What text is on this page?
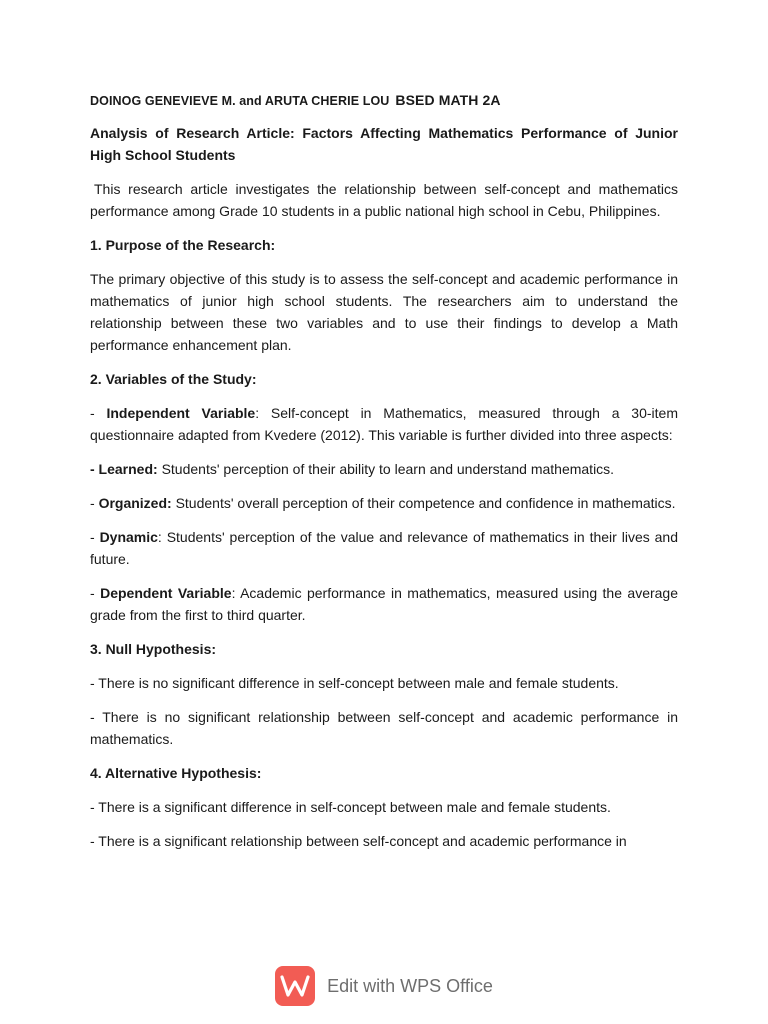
DOINOG GENEVIEVE M. and ARUTA CHERIE LOU BSED MATH 2A
Analysis of Research Article: Factors Affecting Mathematics Performance of Junior High School Students

This research article investigates the relationship between self-concept and mathematics performance among Grade 10 students in a public national high school in Cebu, Philippines.

1. Purpose of the Research:

The primary objective of this study is to assess the self-concept and academic performance in mathematics of junior high school students. The researchers aim to understand the relationship between these two variables and to use their findings to develop a Math performance enhancement plan.

2. Variables of the Study:

- Independent Variable: Self-concept in Mathematics, measured through a 30-item questionnaire adapted from Kvedere (2012). This variable is further divided into three aspects:

- Learned: Students' perception of their ability to learn and understand mathematics.

- Organized: Students' overall perception of their competence and confidence in mathematics.

- Dynamic: Students' perception of the value and relevance of mathematics in their lives and future.

- Dependent Variable: Academic performance in mathematics, measured using the average grade from the first to third quarter.

3. Null Hypothesis:

- There is no significant difference in self-concept between male and female students.

- There is no significant relationship between self-concept and academic performance in mathematics.

4. Alternative Hypothesis:

- There is a significant difference in self-concept between male and female students.

- There is a significant relationship between self-concept and academic performance in

Edit with WPS Office
